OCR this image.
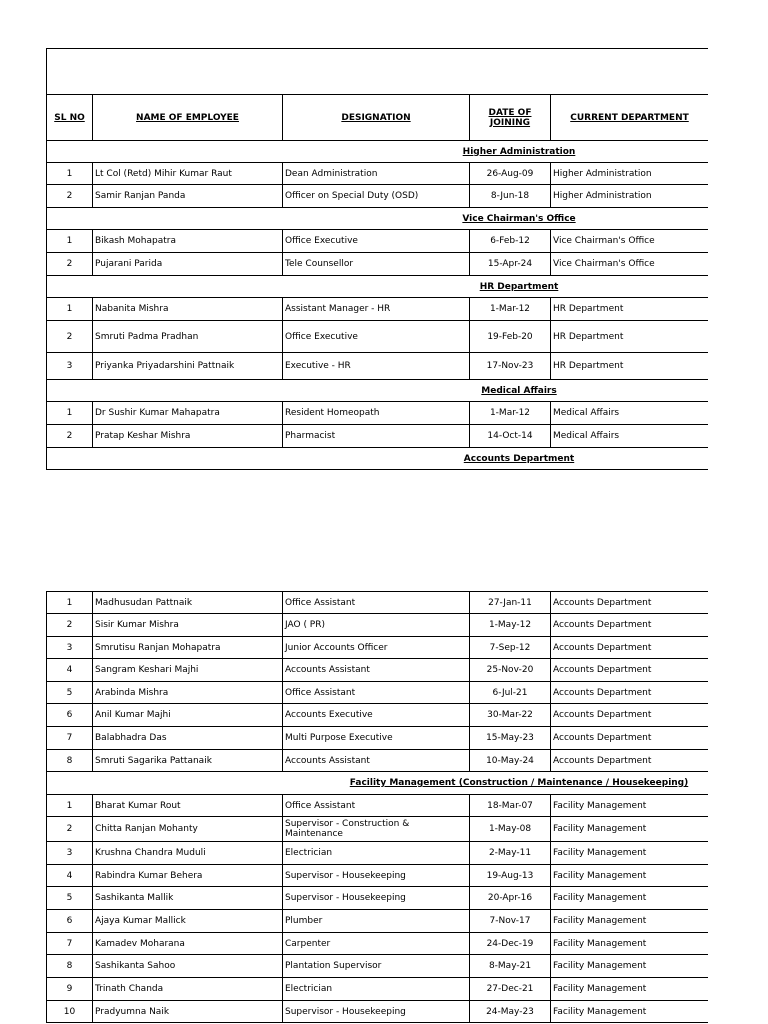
SL NO	NAME OF EMPLOYEE	DESIGNATION	DATE OF
JOINING	CURRENT DEPARTMENT
Higher Administration
1	Lt Col (Retd) Mihir Kumar Raut	Dean Administration	26-Aug-09	Higher Administration
2	Samir Ranjan Panda	Officer on Special Duty (OSD)	8-Jun-18	Higher Administration
Vice Chairman's Office
1	Bikash Mohapatra	Office Executive	6-Feb-12	Vice Chairman's Office
2	Pujarani Parida	Tele Counsellor	15-Apr-24	Vice Chairman's Office
HR Department
1	Nabanita Mishra	Assistant Manager - HR	1-Mar-12	HR Department
2	Smruti Padma Pradhan	Office Executive	19-Feb-20	HR Department
3	Priyanka Priyadarshini Pattnaik	Executive - HR	17-Nov-23	HR Department
Medical Affairs
1	Dr Sushir Kumar Mahapatra	Resident Homeopath	1-Mar-12	Medical Affairs
2	Pratap Keshar Mishra	Pharmacist	14-Oct-14	Medical Affairs
Accounts Department
1	Madhusudan Pattnaik	Office Assistant	27-Jan-11	Accounts Department
2	Sisir Kumar Mishra	JAO ( PR)	1-May-12	Accounts Department
3	Smrutisu Ranjan Mohapatra	Junior Accounts Officer	7-Sep-12	Accounts Department
4	Sangram Keshari Majhi	Accounts Assistant	25-Nov-20	Accounts Department
5	Arabinda Mishra	Office Assistant	6-Jul-21	Accounts Department
6	Anil Kumar Majhi	Accounts Executive	30-Mar-22	Accounts Department
7	Balabhadra Das	Multi Purpose Executive	15-May-23	Accounts Department
8	Smruti Sagarika Pattanaik	Accounts Assistant	10-May-24	Accounts Department
Facility Management (Construction / Maintenance / Housekeeping)
1	Bharat Kumar Rout	Office Assistant	18-Mar-07	Facility Management
2	Chitta Ranjan Mohanty	Supervisor - Construction & Maintenance	1-May-08	Facility Management
3	Krushna Chandra Muduli	Electrician	2-May-11	Facility Management
4	Rabindra Kumar Behera	Supervisor - Housekeeping	19-Aug-13	Facility Management
5	Sashikanta Mallik	Supervisor - Housekeeping	20-Apr-16	Facility Management
6	Ajaya Kumar Mallick	Plumber	7-Nov-17	Facility Management
7	Kamadev Moharana	Carpenter	24-Dec-19	Facility Management
8	Sashikanta Sahoo	Plantation Supervisor	8-May-21	Facility Management
9	Trinath Chanda	Electrician	27-Dec-21	Facility Management
10	Pradyumna Naik	Supervisor - Housekeeping	24-May-23	Facility Management
